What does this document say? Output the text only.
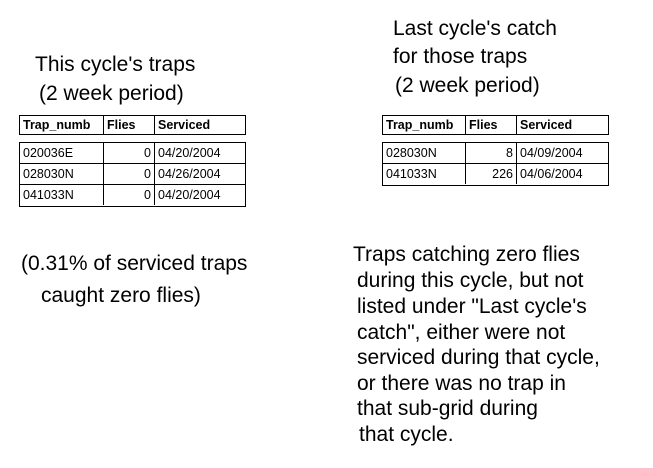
This cycle's traps
(2 week period)
Last cycle's catch
for those traps
(2 week period)
Trap_numb	Flies	Serviced
020036E	0 04/20/2004
028030N	0 04/26/2004
041033N	0 04/20/2004
Trap_numb	Flies	Serviced
028030N	8 04/09/2004
041033N	226 04/06/2004
(0.31% of serviced traps
caught zero flies)
Traps catching zero flies
during this cycle, but not
listed under "Last cycle's
catch", either were not
serviced during that cycle,
or there was no trap in
that sub-grid during
that cycle.
